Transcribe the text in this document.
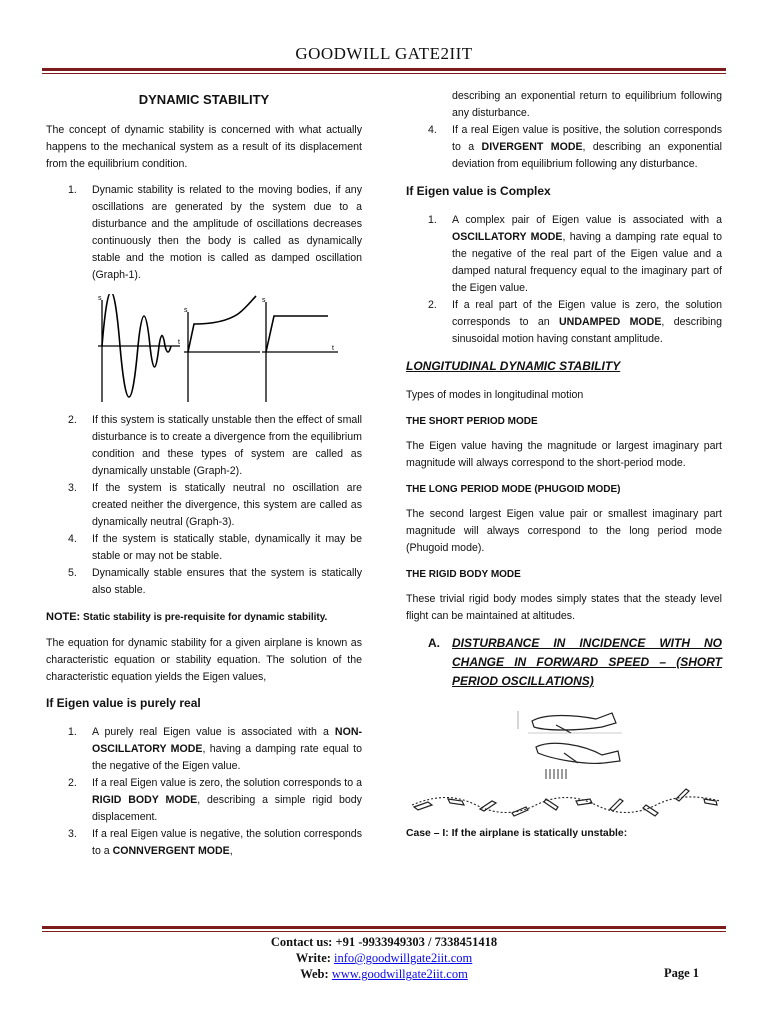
GOODWILL GATE2IIT
DYNAMIC STABILITY

The concept of dynamic stability is concerned with what actually happens to the mechanical system as a result of its displacement from the equilibrium condition.

1. Dynamic stability is related to the moving bodies, if any oscillations are generated by the system due to a disturbance and the amplitude of oscillations decreases continuously then the body is called as dynamically stable and the motion is called as damped oscillation (Graph-1).
s
t
s
s
t
2. If this system is statically unstable then the effect of small disturbance is to create a divergence from the equilibrium condition and these types of system are called as dynamically unstable (Graph-2).
3. If the system is statically neutral no oscillation are created neither the divergence, this system are called as dynamically neutral (Graph-3).
4. If the system is statically stable, dynamically it may be stable or may not be stable.
5. Dynamically stable ensures that the system is statically also stable.

NOTE: Static stability is pre-requisite for dynamic stability.

The equation for dynamic stability for a given airplane is known as characteristic equation or stability equation. The solution of the characteristic equation yields the Eigen values,

If Eigen value is purely real
1. A purely real Eigen value is associated with a NON-OSCILLATORY MODE, having a damping rate equal to the negative of the Eigen value.
2. If a real Eigen value is zero, the solution corresponds to a RIGID BODY MODE, describing a simple rigid body displacement.
3. If a real Eigen value is negative, the solution corresponds to a CONNVERGENT MODE,

describing an exponential return to equilibrium following any disturbance.

4. If a real Eigen value is positive, the solution corresponds to a DIVERGENT MODE, describing an exponential deviation from equilibrium following any disturbance.
If Eigen value is Complex
1. A complex pair of Eigen value is associated with a OSCILLATORY MODE, having a damping rate equal to the negative of the real part of the Eigen value and a damped natural frequency equal to the imaginary part of the Eigen value.
2. If a real part of the Eigen value is zero, the solution corresponds to an UNDAMPED MODE, describing sinusoidal motion having constant amplitude.
LONGITUDINAL DYNAMIC STABILITY

Types of modes in longitudinal motion

THE SHORT PERIOD MODE

The Eigen value having the magnitude or largest imaginary part magnitude will always correspond to the short-period mode.

THE LONG PERIOD MODE (PHUGOID MODE)

The second largest Eigen value pair or smallest imaginary part magnitude will always correspond to the long period mode (Phugoid mode).

THE RIGID BODY MODE

These trivial rigid body modes simply states that the steady level flight can be maintained at altitudes.

A. DISTURBANCE IN INCIDENCE WITH NO CHANGE IN FORWARD SPEED – (SHORT PERIOD OSCILLATIONS)

Case – I: If the airplane is statically unstable:

Contact us: +91 -9933949303 / 7338451418
Write: info@goodwillgate2iit.com
Web: www.goodwillgate2iit.com	Page 1
